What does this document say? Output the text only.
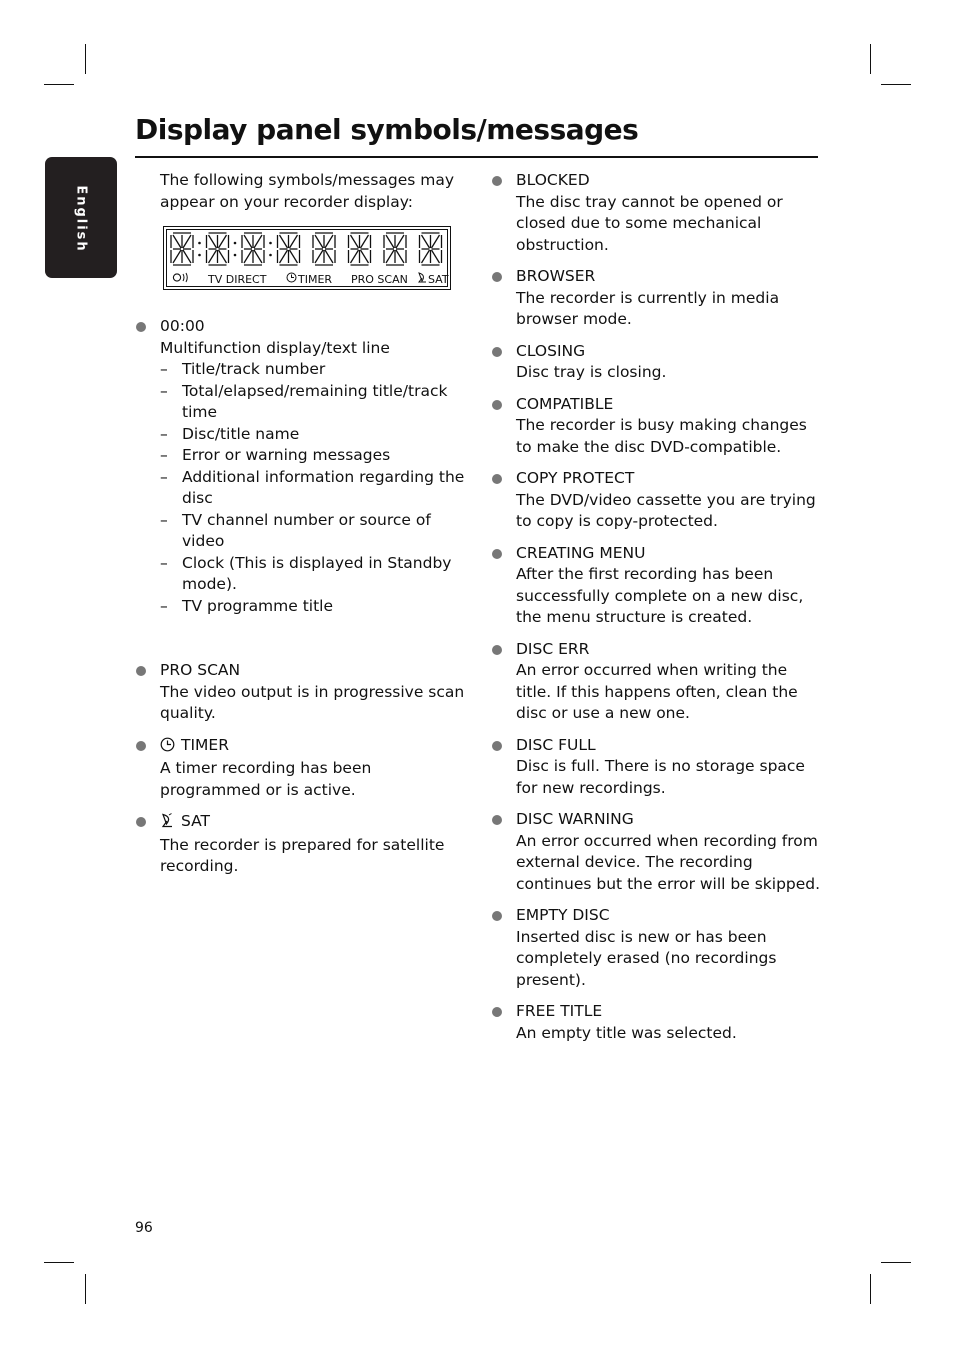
English
Display panel symbols/messages

The following symbols/messages may appear on your recorder display:

TV DIRECT	TIMER PRO SCAN SAT

00:00

Multifunction display/text line

– Title/track number
– Total/elapsed/remaining title/track time
– Disc/title name
– Error or warning messages
– Additional information regarding the disc
– TV channel number or source of video
– Clock (This is displayed in Standby mode).
– TV programme title

PRO SCAN

The video output is in progressive scan quality.

TIMER

A timer recording has been programmed or is active.

SAT

The recorder is prepared for satellite recording.

BLOCKED

The disc tray cannot be opened or closed due to some mechanical obstruction.

BROWSER

The recorder is currently in media browser mode.

CLOSING

Disc tray is closing.

COMPATIBLE

The recorder is busy making changes to make the disc DVD-compatible.

COPY PROTECT

The DVD/video cassette you are trying to copy is copy-protected.

CREATING MENU

After the first recording has been successfully complete on a new disc, the menu structure is created.

DISC ERR

An error occurred when writing the title. If this happens often, clean the disc or use a new one.

DISC FULL

Disc is full. There is no storage space for new recordings.

DISC WARNING

An error occurred when recording from external device. The recording continues but the error will be skipped.

EMPTY DISC

Inserted disc is new or has been completely erased (no recordings present).

FREE TITLE

An empty title was selected.

96
